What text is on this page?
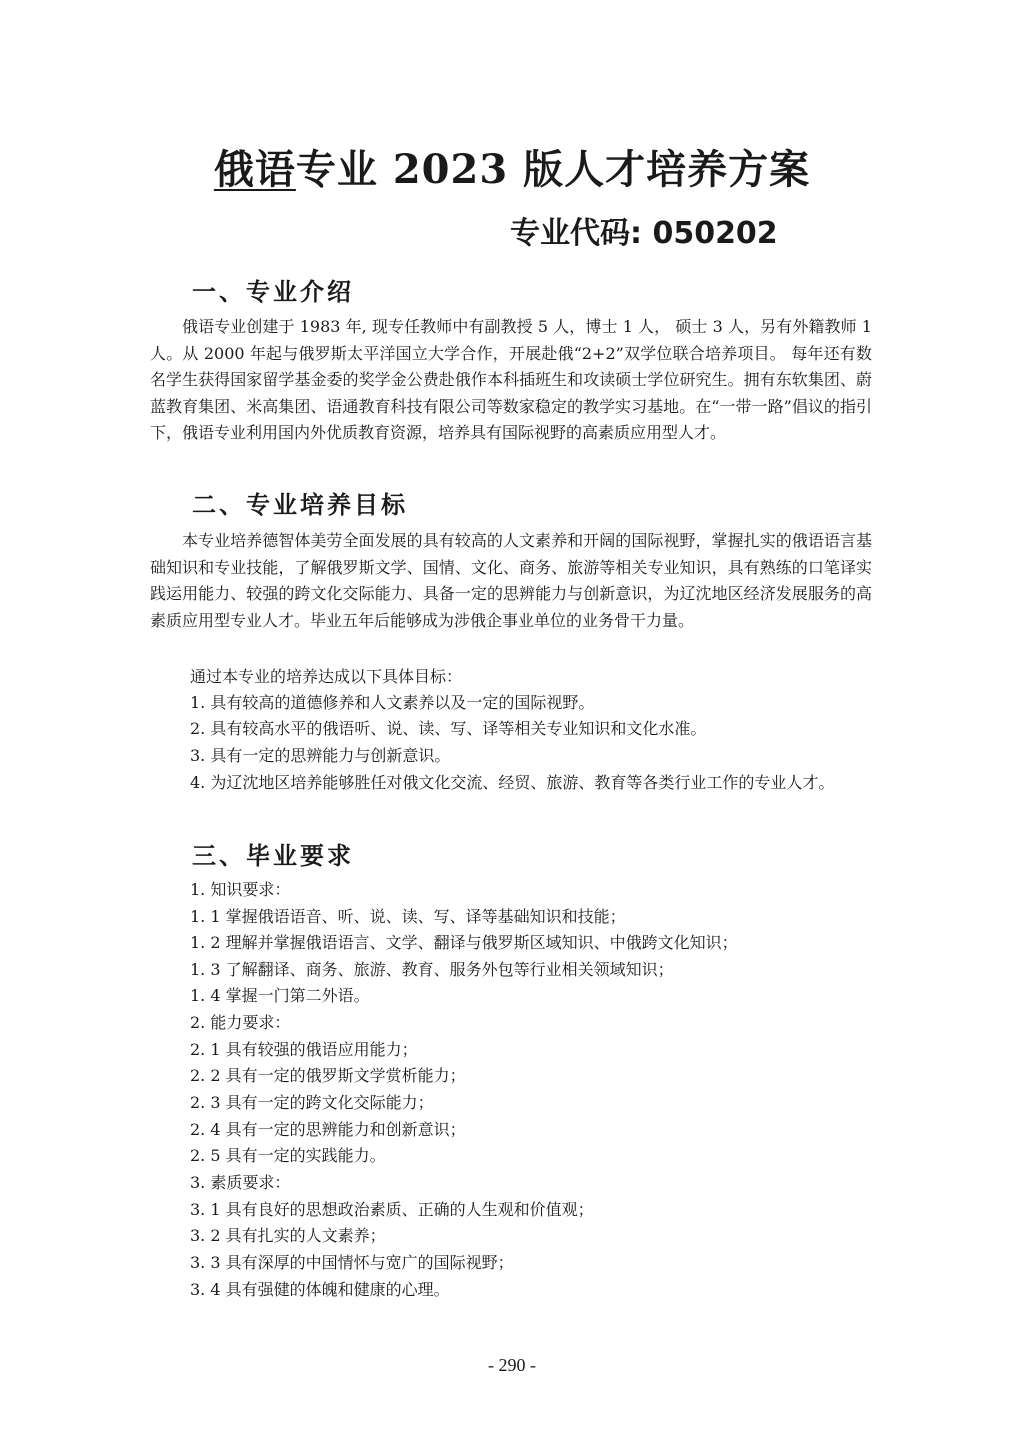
俄语专业 2023 版人才培养方案
专业代码: 050202
一、专业介绍
俄语专业创建于 1983 年, 现专任教师中有副教授 5 人，博士 1 人， 硕士 3 人，另有外籍教师 1 人。从 2000 年起与俄罗斯太平洋国立大学合作，开展赴俄“2+2”双学位联合培养项目。 每年还有数名学生获得国家留学基金委的奖学金公费赴俄作本科插班生和攻读硕士学位研究生。拥有东软集团、蔚蓝教育集团、米高集团、语通教育科技有限公司等数家稳定的教学实习基地。在“一带一路”倡议的指引下，俄语专业利用国内外优质教育资源，培养具有国际视野的高素质应用型人才。
二、专业培养目标
本专业培养德智体美劳全面发展的具有较高的人文素养和开阔的国际视野，掌握扎实的俄语语言基础知识和专业技能，了解俄罗斯文学、国情、文化、商务、旅游等相关专业知识，具有熟练的口笔译实践运用能力、较强的跨文化交际能力、具备一定的思辨能力与创新意识，为辽沈地区经济发展服务的高素质应用型专业人才。毕业五年后能够成为涉俄企事业单位的业务骨干力量。
通过本专业的培养达成以下具体目标：
1. 具有较高的道德修养和人文素养以及一定的国际视野。
2. 具有较高水平的俄语听、说、读、写、译等相关专业知识和文化水准。
3. 具有一定的思辨能力与创新意识。
4. 为辽沈地区培养能够胜任对俄文化交流、经贸、旅游、教育等各类行业工作的专业人才。
三、毕业要求
1. 知识要求：
1. 1 掌握俄语语音、听、说、读、写、译等基础知识和技能；
1. 2 理解并掌握俄语语言、文学、翻译与俄罗斯区域知识、中俄跨文化知识；
1. 3 了解翻译、商务、旅游、教育、服务外包等行业相关领域知识；
1. 4 掌握一门第二外语。
2. 能力要求：
2. 1 具有较强的俄语应用能力；
2. 2 具有一定的俄罗斯文学赏析能力；
2. 3 具有一定的跨文化交际能力；
2. 4 具有一定的思辨能力和创新意识；
2. 5 具有一定的实践能力。
3. 素质要求：
3. 1 具有良好的思想政治素质、正确的人生观和价值观；
3. 2 具有扎实的人文素养；
3. 3 具有深厚的中国情怀与宽广的国际视野；
3. 4 具有强健的体魄和健康的心理。
- 290 -
